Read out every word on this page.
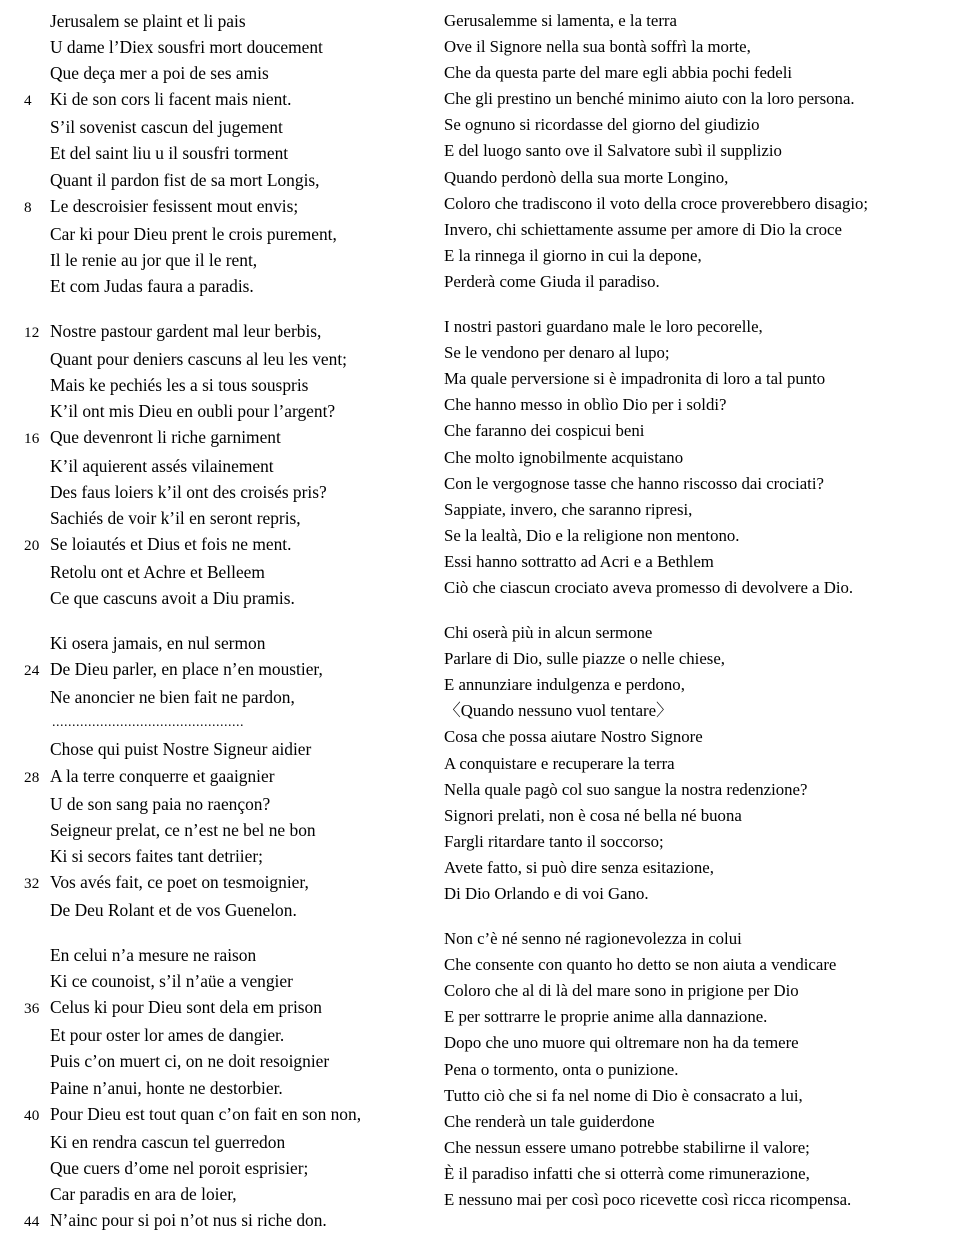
Jerusalem se plaint et li pais
U dame l’Diex sousfri mort doucement
Que deça mer a poi de ses amis
4	Ki de son cors li facent mais nient.
S’il sovenist cascun del jugement
Et del saint liu u il sousfri torment
Quant il pardon fist de sa mort Longis,
8	Le descroisier fesissent mout envis;
Car ki pour Dieu prent le crois purement,
Il le renie au jor que il le rent,
Et com Judas faura a paradis.
12 Nostre pastour gardent mal leur berbis,
Quant pour deniers cascuns al leu les vent;
Mais ke pechiés les a si tous souspris
K’il ont mis Dieu en oubli pour l’argent?
16 Que devenront li riche garniment
K’il aquierent assés vilainement
Des faus loiers k’il ont des croisés pris?
Sachiés de voir k’il en seront repris,
20 Se loiautés et Dius et fois ne ment.
Retolu ont et Achre et Belleem
Ce que cascuns avoit a Diu pramis.
Ki osera jamais, en nul sermon
24 De Dieu parler, en place n’en moustier,
Ne anoncier ne bien fait ne pardon,
................................................
Chose qui puist Nostre Signeur aidier
28 A la terre conquerre et gaaignier
U de son sang paia no raençon?
Seigneur prelat, ce n’est ne bel ne bon
Ki si secors faites tant detriier;
32 Vos avés fait, ce poet on tesmoignier,
De Deu Rolant et de vos Guenelon.
En celui n’a mesure ne raison
Ki ce counoist, s’il n’aüe a vengier
36 Celus ki pour Dieu sont dela em prison
Et pour oster lor ames de dangier.
Puis c’on muert ci, on ne doit resoignier
Paine n’anui, honte ne destorbier.
40 Pour Dieu est tout quan c’on fait en son non,
Ki en rendra cascun tel guerredon
Que cuers d’ome nel poroit esprisier;
Car paradis en ara de loier,
44 N’ainc pour si poi n’ot nus si riche don.
Gerusalemme si lamenta, e la terra
Ove il Signore nella sua bontà soffrì la morte,
Che da questa parte del mare egli abbia pochi fedeli
Che gli prestino un benché minimo aiuto con la loro persona.
Se ognuno si ricordasse del giorno del giudizio
E del luogo santo ove il Salvatore subì il supplizio
Quando perdonò della sua morte Longino,
Coloro che tradiscono il voto della croce proverebbero disagio;
Invero, chi schiettamente assume per amore di Dio la croce
E la rinnega il giorno in cui la depone,
Perderà come Giuda il paradiso.
I nostri pastori guardano male le loro pecorelle,
Se le vendono per denaro al lupo;
Ma quale perversione si è impadronita di loro a tal punto
Che hanno messo in oblìo Dio per i soldi?
Che faranno dei cospicui beni
Che molto ignobilmente acquistano
Con le vergognose tasse che hanno riscosso dai crociati?
Sappiate, invero, che saranno ripresi,
Se la lealtà, Dio e la religione non mentono.
Essi hanno sottratto ad Acri e a Bethlem
Ciò che ciascun crociato aveva promesso di devolvere a Dio.
Chi oserà più in alcun sermone
Parlare di Dio, sulle piazze o nelle chiese,
E annunziare indulgenza e perdono,
〈Quando nessuno vuol tentare〉
Cosa che possa aiutare Nostro Signore
A conquistare e recuperare la terra
Nella quale pagò col suo sangue la nostra redenzione?
Signori prelati, non è cosa né bella né buona
Fargli ritardare tanto il soccorso;
Avete fatto, si può dire senza esitazione,
Di Dio Orlando e di voi Gano.
Non c’è né senno né ragionevolezza in colui
Che consente con quanto ho detto se non aiuta a vendicare
Coloro che al di là del mare sono in prigione per Dio
E per sottrarre le proprie anime alla dannazione.
Dopo che uno muore qui oltremare non ha da temere
Pena o tormento, onta o punizione.
Tutto ciò che si fa nel nome di Dio è consacrato a lui,
Che renderà un tale guiderdone
Che nessun essere umano potrebbe stabilirne il valore;
È il paradiso infatti che si otterrà come rimunerazione,
E nessuno mai per così poco ricevette così ricca ricompensa.
